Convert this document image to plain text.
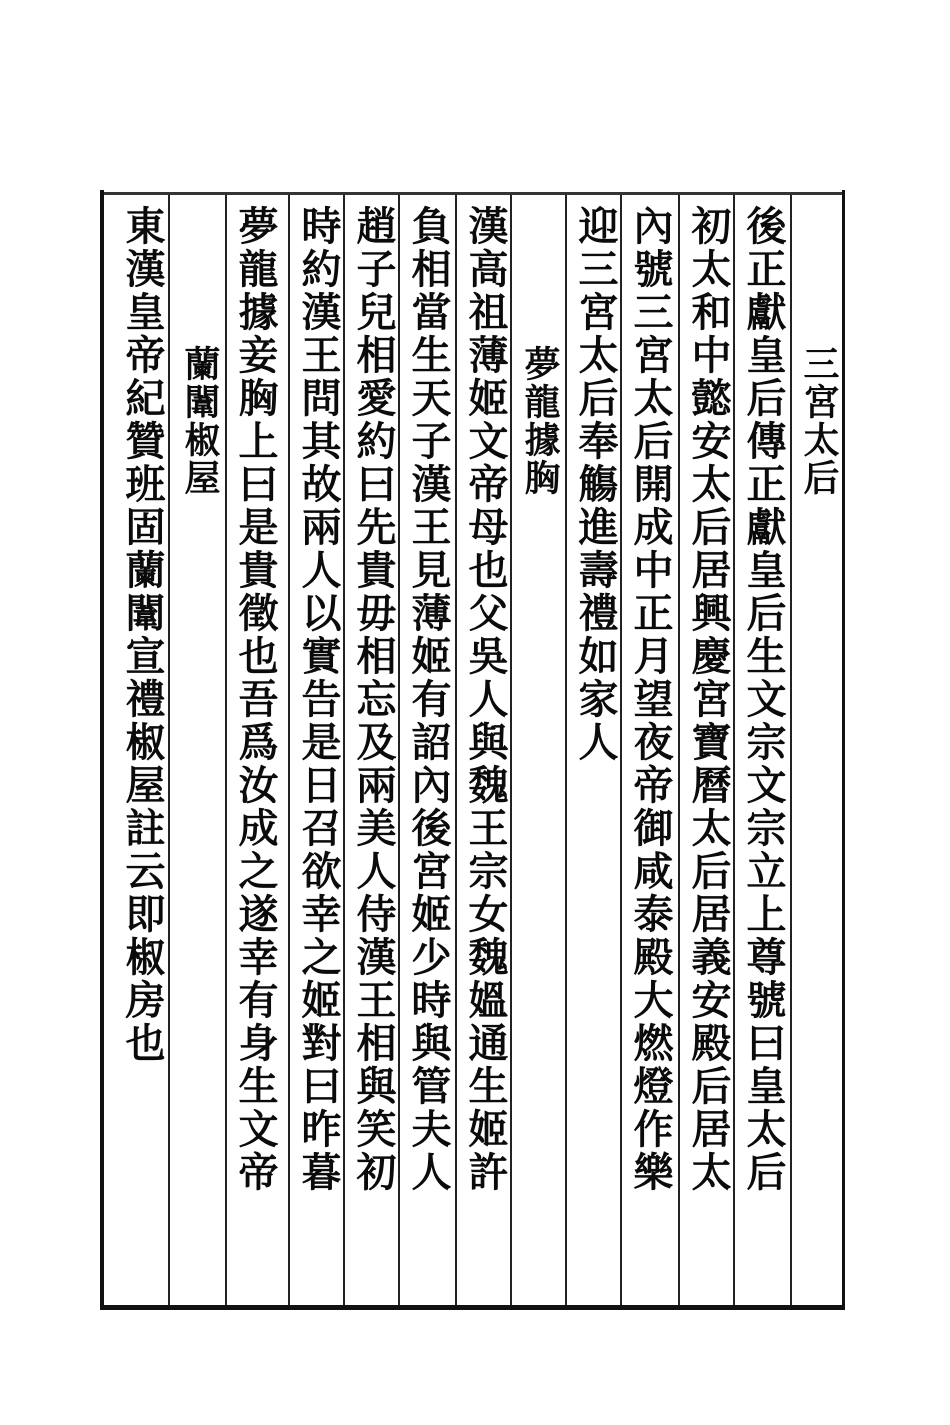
三宮太后
後正獻皇后傳正獻皇后生文宗文宗立上尊號曰皇太后
初太和中懿安太后居興慶宮寶曆太后居義安殿后居太
內號三宮太后開成中正月望夜帝御咸泰殿大燃燈作樂
迎三宮太后奉觴進壽禮如家人
夢龍據胸
漢高祖薄姬文帝母也父吳人與魏王宗女魏媼通生姬許
負相當生天子漢王見薄姬有詔內後宮姬少時與管夫人
趙子兒相愛約曰先貴毋相忘及兩美人侍漢王相與笑初
時約漢王問其故兩人以實告是日召欲幸之姬對曰昨暮
夢龍據妾胸上曰是貴徵也吾爲汝成之遂幸有身生文帝
蘭闈椒屋
東漢皇帝紀贊班固蘭闈宣禮椒屋註云即椒房也
